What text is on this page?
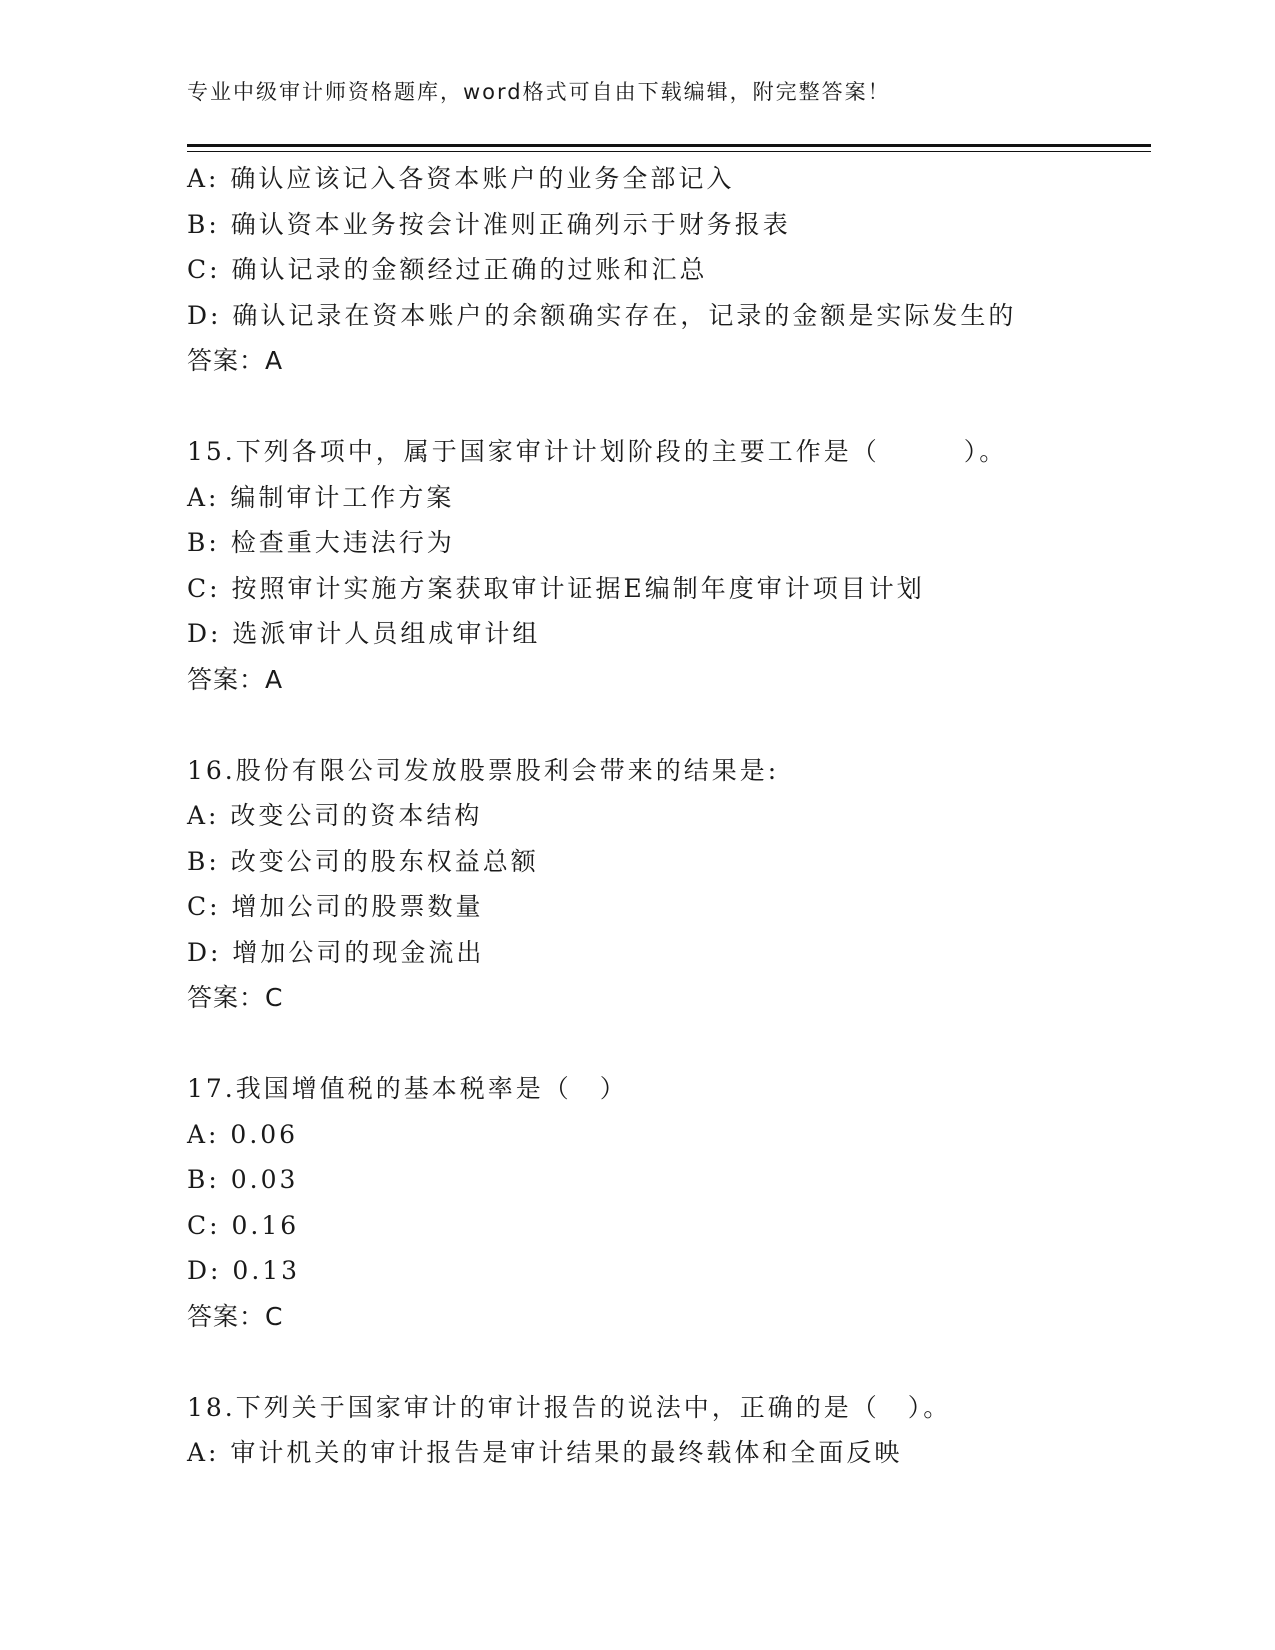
专业中级审计师资格题库，word格式可自由下载编辑，附完整答案！
A: 确认应该记入各资本账户的业务全部记入
B: 确认资本业务按会计准则正确列示于财务报表
C: 确认记录的金额经过正确的过账和汇总
D: 确认记录在资本账户的余额确实存在，记录的金额是实际发生的
答案：A
15.下列各项中，属于国家审计计划阶段的主要工作是（　　　）。
A: 编制审计工作方案
B: 检查重大违法行为
C: 按照审计实施方案获取审计证据E编制年度审计项目计划
D: 选派审计人员组成审计组
答案：A
16.股份有限公司发放股票股利会带来的结果是:
A: 改变公司的资本结构
B: 改变公司的股东权益总额
C: 增加公司的股票数量
D: 增加公司的现金流出
答案：C
17.我国增值税的基本税率是（　）
A: 0.06
B: 0.03
C: 0.16
D: 0.13
答案：C
18.下列关于国家审计的审计报告的说法中，正确的是（　）。
A: 审计机关的审计报告是审计结果的最终载体和全面反映
